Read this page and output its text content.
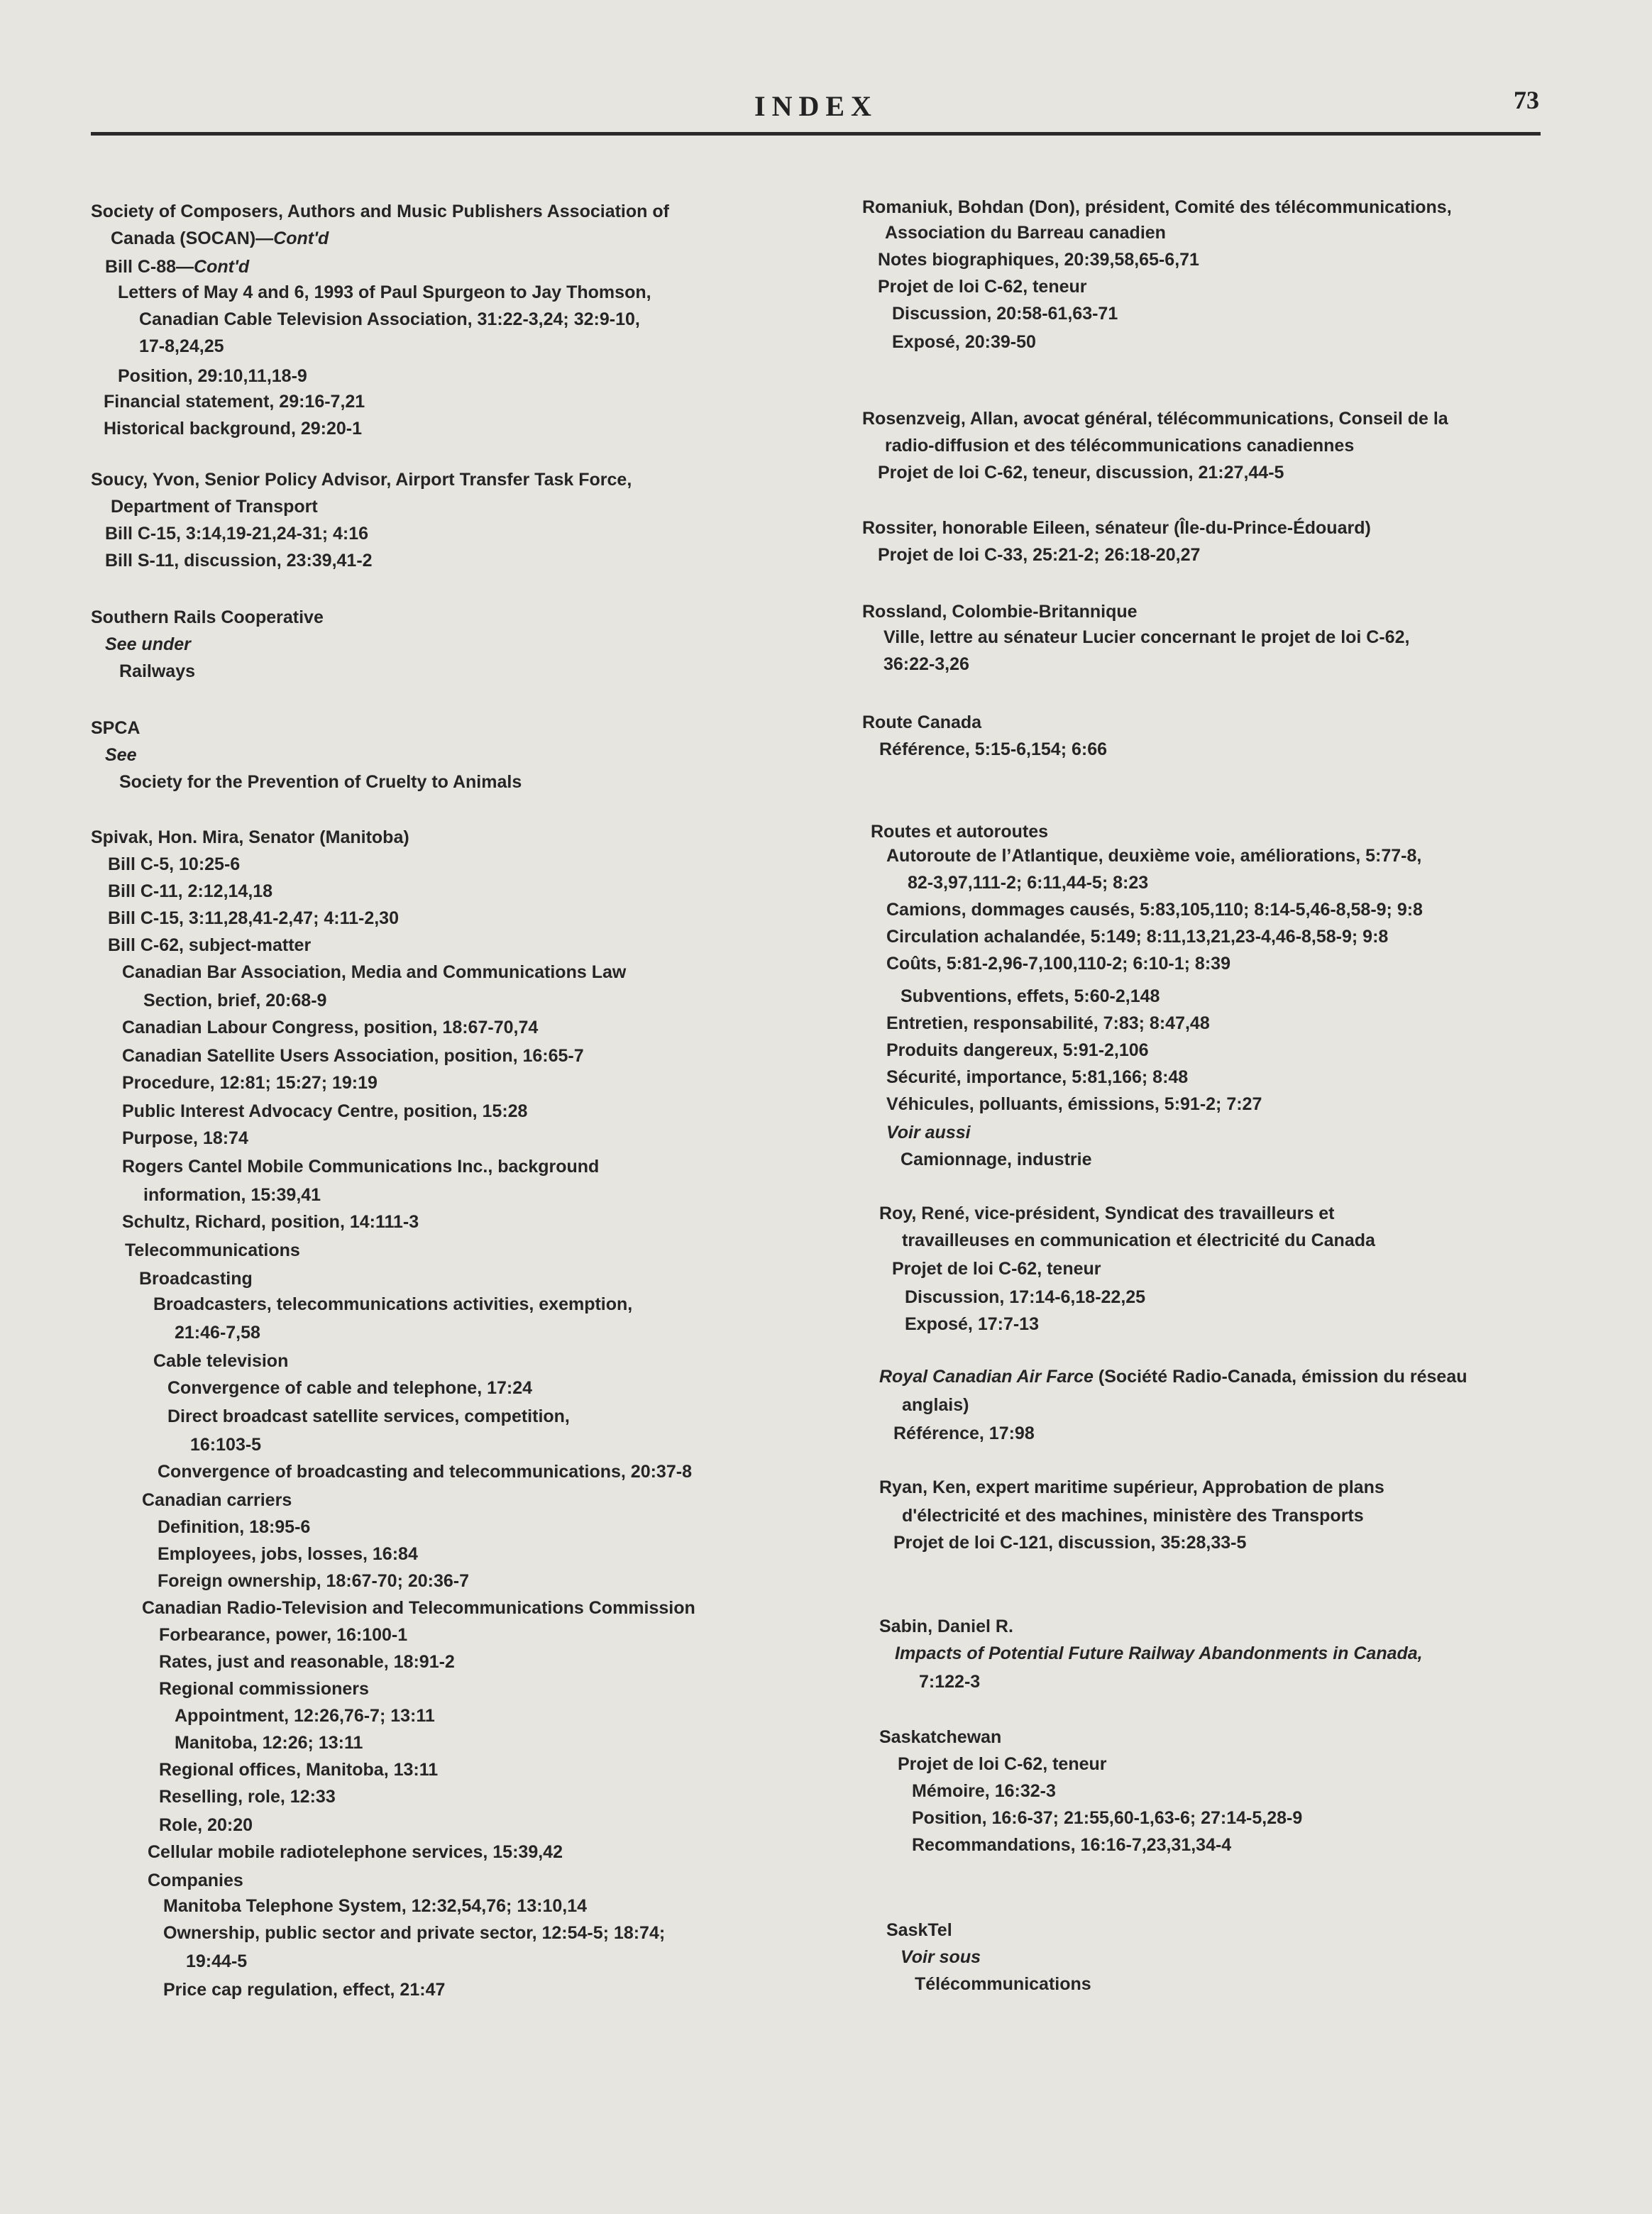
INDEX	73
Society of Composers, Authors and Music Publishers Association of
Canada (SOCAN)—Cont'd
Bill C-88—Cont'd
Letters of May 4 and 6, 1993 of Paul Spurgeon to Jay Thomson,
Canadian Cable Television Association, 31:22-3,24; 32:9-10,
17-8,24,25
Position, 29:10,11,18-9
Financial statement, 29:16-7,21
Historical background, 29:20-1
Soucy, Yvon, Senior Policy Advisor, Airport Transfer Task Force,
Department of Transport
Bill C-15, 3:14,19-21,24-31; 4:16
Bill S-11, discussion, 23:39,41-2
Southern Rails Cooperative
See under
Railways
SPCA
See
Society for the Prevention of Cruelty to Animals
Spivak, Hon. Mira, Senator (Manitoba)
Bill C-5, 10:25-6
Bill C-11, 2:12,14,18
Bill C-15, 3:11,28,41-2,47; 4:11-2,30
Bill C-62, subject-matter
Canadian Bar Association, Media and Communications Law
Section, brief, 20:68-9
Canadian Labour Congress, position, 18:67-70,74
Canadian Satellite Users Association, position, 16:65-7
Procedure, 12:81; 15:27; 19:19
Public Interest Advocacy Centre, position, 15:28
Purpose, 18:74
Rogers Cantel Mobile Communications Inc., background
information, 15:39,41
Schultz, Richard, position, 14:111-3
Telecommunications
Broadcasting
Broadcasters, telecommunications activities, exemption,
21:46-7,58
Cable television
Convergence of cable and telephone, 17:24
Direct broadcast satellite services, competition,
16:103-5
Convergence of broadcasting and telecommunications, 20:37-8
Canadian carriers
Definition, 18:95-6
Employees, jobs, losses, 16:84
Foreign ownership, 18:67-70; 20:36-7
Canadian Radio-Television and Telecommunications Commission
Forbearance, power, 16:100-1
Rates, just and reasonable, 18:91-2
Regional commissioners
Appointment, 12:26,76-7; 13:11
Manitoba, 12:26; 13:11
Regional offices, Manitoba, 13:11
Reselling, role, 12:33
Role, 20:20
Cellular mobile radiotelephone services, 15:39,42
Companies
Manitoba Telephone System, 12:32,54,76; 13:10,14
Ownership, public sector and private sector, 12:54-5; 18:74;
19:44-5
Price cap regulation, effect, 21:47
Romaniuk, Bohdan (Don), président, Comité des télécommunications,
Association du Barreau canadien
Notes biographiques, 20:39,58,65-6,71
Projet de loi C-62, teneur
Discussion, 20:58-61,63-71
Exposé, 20:39-50
Rosenzveig, Allan, avocat général, télécommunications, Conseil de la
radio-diffusion et des télécommunications canadiennes
Projet de loi C-62, teneur, discussion, 21:27,44-5
Rossiter, honorable Eileen, sénateur (Île-du-Prince-Édouard)
Projet de loi C-33, 25:21-2; 26:18-20,27
Rossland, Colombie-Britannique
Ville, lettre au sénateur Lucier concernant le projet de loi C-62,
36:22-3,26
Route Canada
Référence, 5:15-6,154; 6:66
Routes et autoroutes
Autoroute de l’Atlantique, deuxième voie, améliorations, 5:77-8,
82-3,97,111-2; 6:11,44-5; 8:23
Camions, dommages causés, 5:83,105,110; 8:14-5,46-8,58-9; 9:8
Circulation achalandée, 5:149; 8:11,13,21,23-4,46-8,58-9; 9:8
Coûts, 5:81-2,96-7,100,110-2; 6:10-1; 8:39
Subventions, effets, 5:60-2,148
Entretien, responsabilité, 7:83; 8:47,48
Produits dangereux, 5:91-2,106
Sécurité, importance, 5:81,166; 8:48
Véhicules, polluants, émissions, 5:91-2; 7:27
Voir aussi
Camionnage, industrie
Roy, René, vice-président, Syndicat des travailleurs et
travailleuses en communication et électricité du Canada
Projet de loi C-62, teneur
Discussion, 17:14-6,18-22,25
Exposé, 17:7-13
Royal Canadian Air Farce (Société Radio-Canada, émission du réseau
anglais)
Référence, 17:98
Ryan, Ken, expert maritime supérieur, Approbation de plans
d'électricité et des machines, ministère des Transports
Projet de loi C-121, discussion, 35:28,33-5
Sabin, Daniel R.
Impacts of Potential Future Railway Abandonments in Canada,
7:122-3
Saskatchewan
Projet de loi C-62, teneur
Mémoire, 16:32-3
Position, 16:6-37; 21:55,60-1,63-6; 27:14-5,28-9
Recommandations, 16:16-7,23,31,34-4
SaskTel
Voir sous
Télécommunications
